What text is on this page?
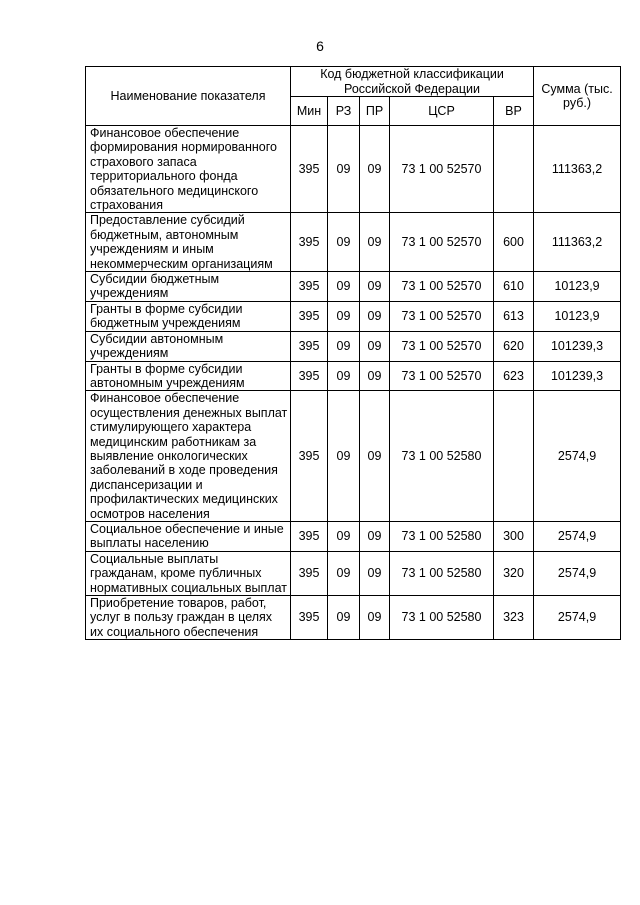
6
Наименование показателя	Код бюджетной классификации Российской Федерации					Сумма (тыс. руб.)
	Мин	РЗ	ПР	ЦСР	ВР	
Финансовое обеспечение формирования нормированного страхового запаса территориального фонда обязательного медицинского страхования	395	09	09	73 1 00 52570		111363,2
Предоставление субсидий бюджетным, автономным учреждениям и иным некоммерческим организациям	395	09	09	73 1 00 52570	600	111363,2
Субсидии бюджетным учреждениям	395	09	09	73 1 00 52570	610	10123,9
Гранты в форме субсидии бюджетным учреждениям	395	09	09	73 1 00 52570	613	10123,9
Субсидии автономным учреждениям	395	09	09	73 1 00 52570	620	101239,3
Гранты в форме субсидии автономным учреждениям	395	09	09	73 1 00 52570	623	101239,3
Финансовое обеспечение осуществления денежных выплат стимулирующего характера медицинским работникам за выявление онкологических заболеваний в ходе проведения диспансеризации и профилактических медицинских осмотров населения	395	09	09	73 1 00 52580		2574,9
Социальное обеспечение и иные выплаты населению	395	09	09	73 1 00 52580	300	2574,9
Социальные выплаты гражданам, кроме публичных нормативных социальных выплат	395	09	09	73 1 00 52580	320	2574,9
Приобретение товаров, работ, услуг в пользу граждан в целях их социального обеспечения	395	09	09	73 1 00 52580	323	2574,9
